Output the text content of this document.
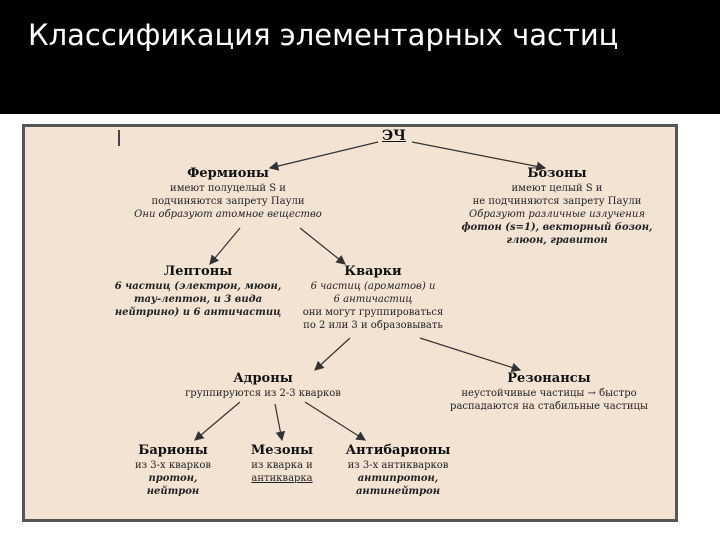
Классификация элементарных частиц
ЭЧ
Фермионы
имеют полуцелый S и
подчиняются запрету Паули
Они образуют атомное вещество
Бозоны
имеют целый S и
не подчиняются запрету Паули
Образуют различные излучения
фотон (s=1), векторный бозон,
глюон, гравитон
Лептоны
6 частиц (электрон, мюон,
тау-лептон, и 3 вида
нейтрино) и 6 античастиц
Кварки
6 частиц (ароматов) и
6 античастиц
они могут группироваться
по 2 или 3 и образовывать
Адроны
группируются из 2-3 кварков
Резонансы
неустойчивые частицы → быстро
распадаются на стабильные частицы
Барионы
из 3-х кварков
протон,
нейтрон
Мезоны
из кварка и
антикварка
Антибарионы
из 3-х антикварков
антипротон,
антинейтрон
